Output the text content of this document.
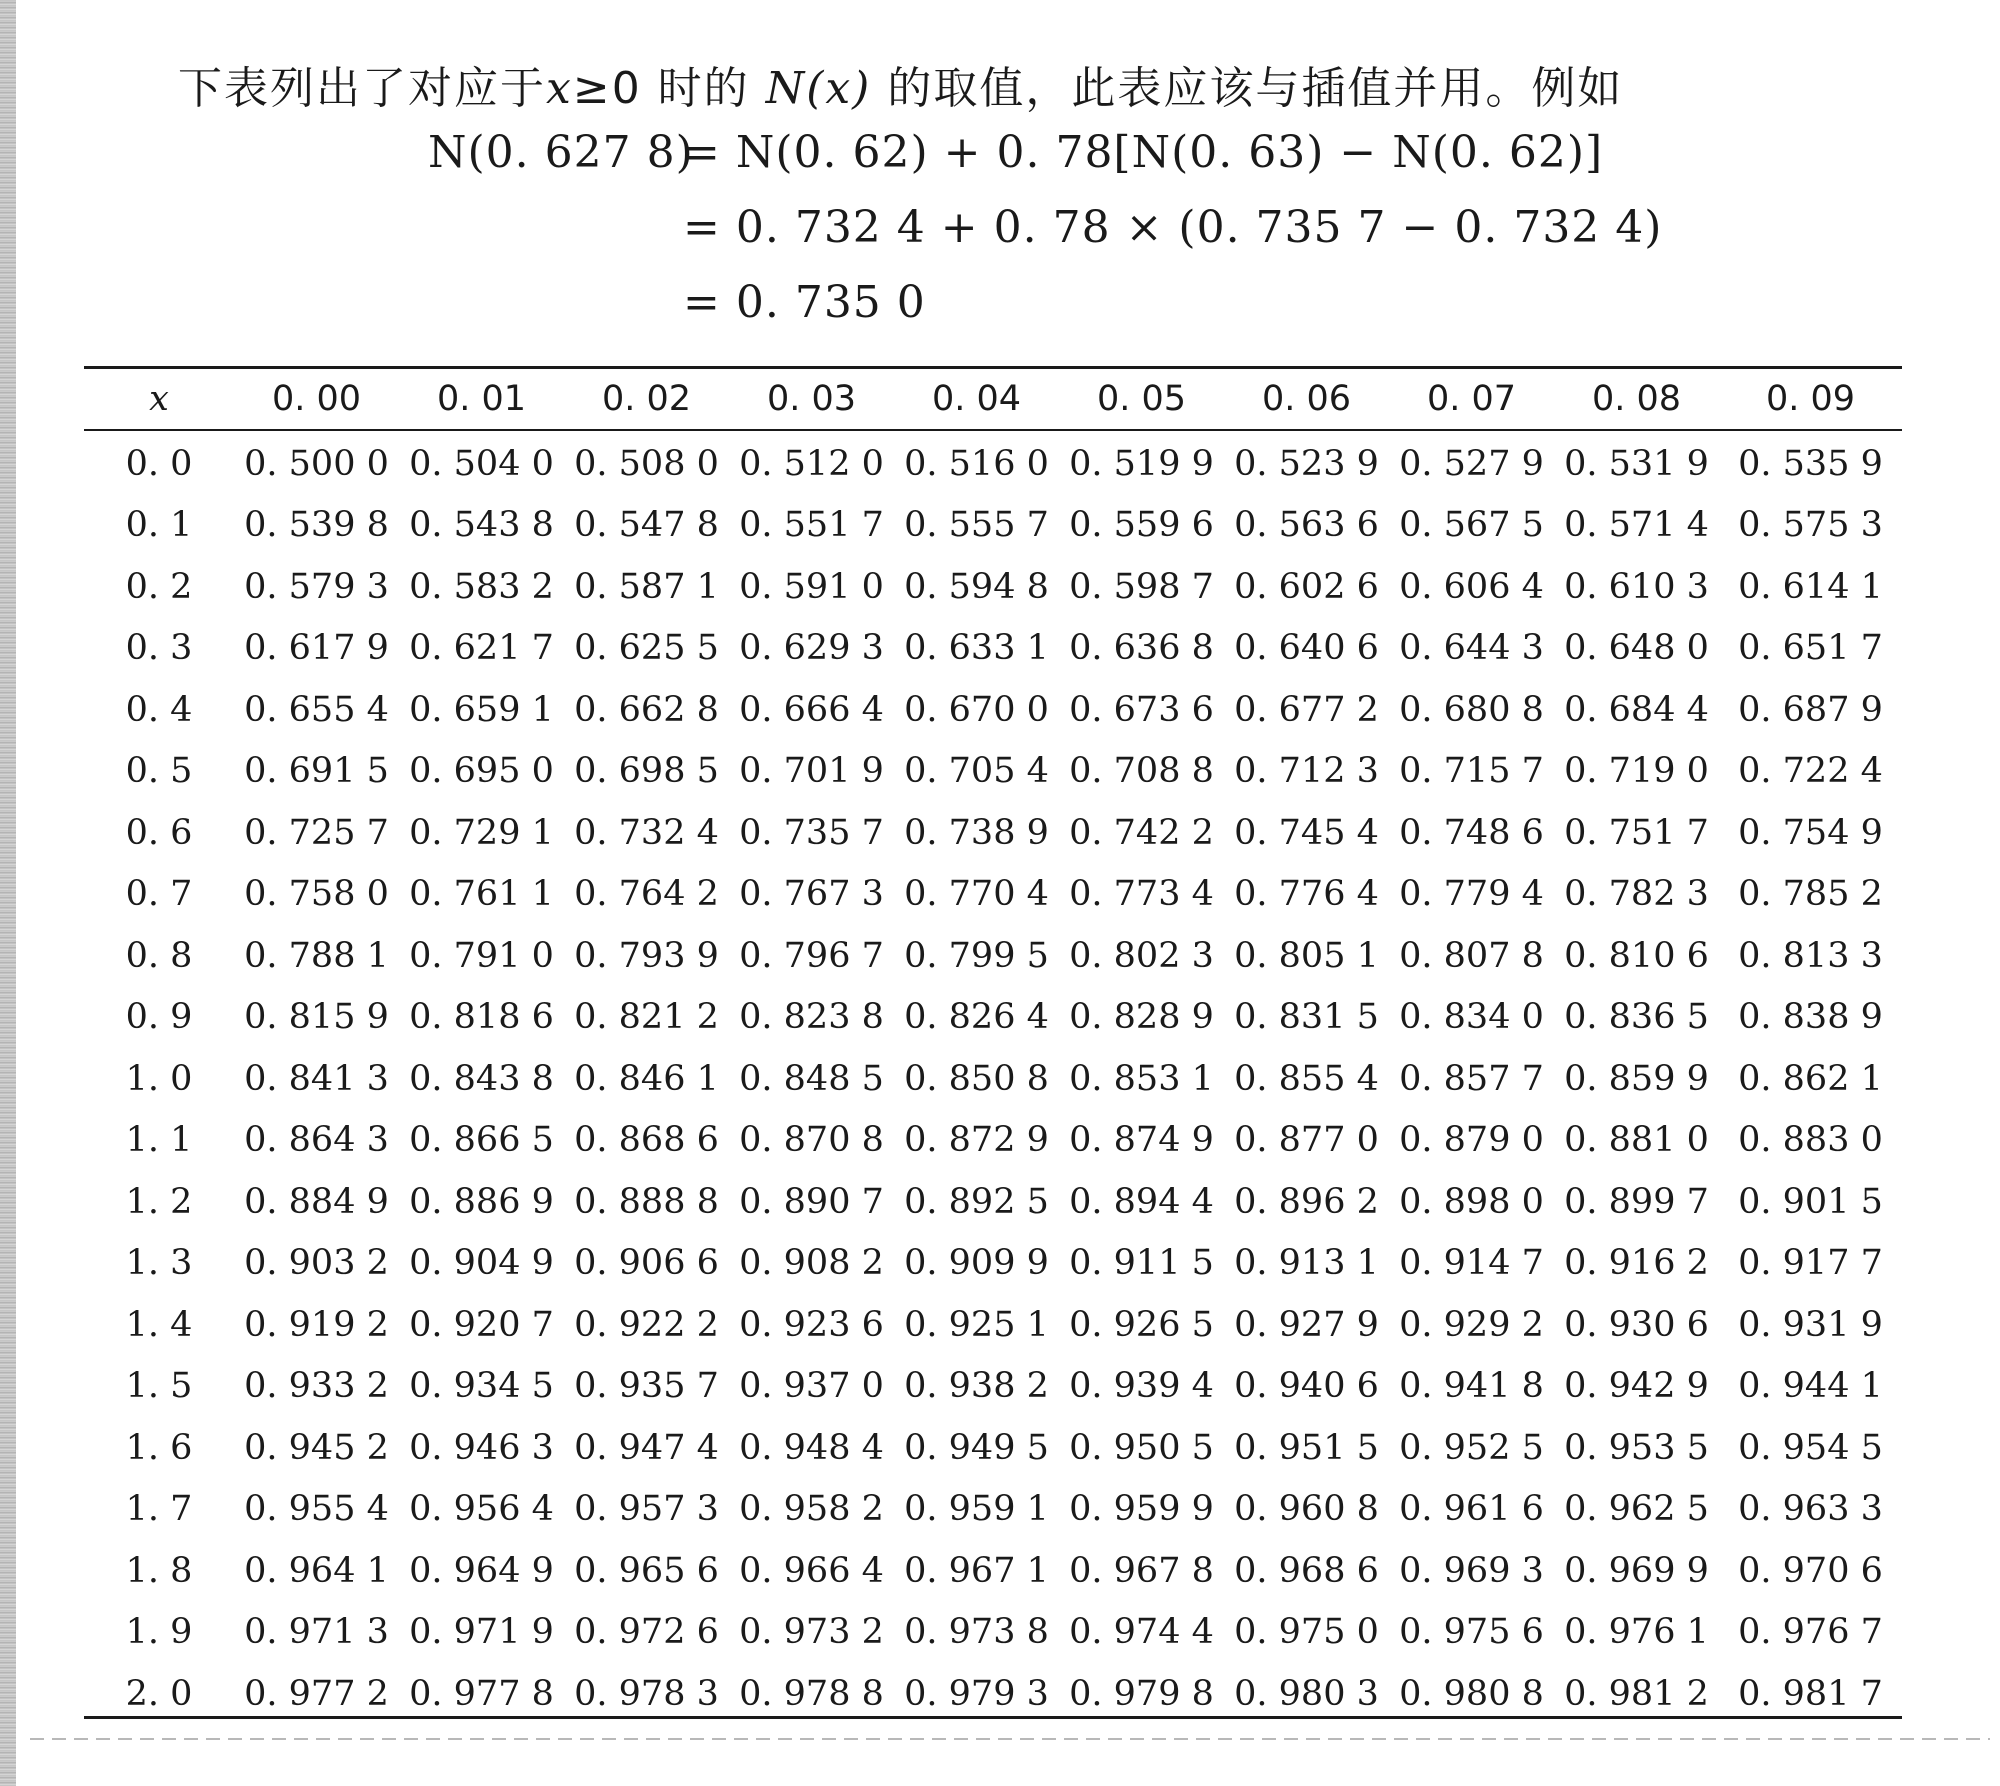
下表列出了对应于x≥0 时的 N(x) 的取值，此表应该与插值并用。例如
N(0. 627 8)
= N(0. 62) + 0. 78[N(0. 63) − N(0. 62)]
= 0. 732 4 + 0. 78 × (0. 735 7 − 0. 732 4)
= 0. 735 0
x	0. 00	0. 01	0. 02	0. 03	0. 04	0. 05	0. 06	0. 07	0. 08	0. 09
0. 0	0. 500 0	0. 504 0	0. 508 0	0. 512 0	0. 516 0	0. 519 9	0. 523 9	0. 527 9	0. 531 9	0. 535 9
0. 1	0. 539 8	0. 543 8	0. 547 8	0. 551 7	0. 555 7	0. 559 6	0. 563 6	0. 567 5	0. 571 4	0. 575 3
0. 2	0. 579 3	0. 583 2	0. 587 1	0. 591 0	0. 594 8	0. 598 7	0. 602 6	0. 606 4	0. 610 3	0. 614 1
0. 3	0. 617 9	0. 621 7	0. 625 5	0. 629 3	0. 633 1	0. 636 8	0. 640 6	0. 644 3	0. 648 0	0. 651 7
0. 4	0. 655 4	0. 659 1	0. 662 8	0. 666 4	0. 670 0	0. 673 6	0. 677 2	0. 680 8	0. 684 4	0. 687 9
0. 5	0. 691 5	0. 695 0	0. 698 5	0. 701 9	0. 705 4	0. 708 8	0. 712 3	0. 715 7	0. 719 0	0. 722 4
0. 6	0. 725 7	0. 729 1	0. 732 4	0. 735 7	0. 738 9	0. 742 2	0. 745 4	0. 748 6	0. 751 7	0. 754 9
0. 7	0. 758 0	0. 761 1	0. 764 2	0. 767 3	0. 770 4	0. 773 4	0. 776 4	0. 779 4	0. 782 3	0. 785 2
0. 8	0. 788 1	0. 791 0	0. 793 9	0. 796 7	0. 799 5	0. 802 3	0. 805 1	0. 807 8	0. 810 6	0. 813 3
0. 9	0. 815 9	0. 818 6	0. 821 2	0. 823 8	0. 826 4	0. 828 9	0. 831 5	0. 834 0	0. 836 5	0. 838 9
1. 0	0. 841 3	0. 843 8	0. 846 1	0. 848 5	0. 850 8	0. 853 1	0. 855 4	0. 857 7	0. 859 9	0. 862 1
1. 1	0. 864 3	0. 866 5	0. 868 6	0. 870 8	0. 872 9	0. 874 9	0. 877 0	0. 879 0	0. 881 0	0. 883 0
1. 2	0. 884 9	0. 886 9	0. 888 8	0. 890 7	0. 892 5	0. 894 4	0. 896 2	0. 898 0	0. 899 7	0. 901 5
1. 3	0. 903 2	0. 904 9	0. 906 6	0. 908 2	0. 909 9	0. 911 5	0. 913 1	0. 914 7	0. 916 2	0. 917 7
1. 4	0. 919 2	0. 920 7	0. 922 2	0. 923 6	0. 925 1	0. 926 5	0. 927 9	0. 929 2	0. 930 6	0. 931 9
1. 5	0. 933 2	0. 934 5	0. 935 7	0. 937 0	0. 938 2	0. 939 4	0. 940 6	0. 941 8	0. 942 9	0. 944 1
1. 6	0. 945 2	0. 946 3	0. 947 4	0. 948 4	0. 949 5	0. 950 5	0. 951 5	0. 952 5	0. 953 5	0. 954 5
1. 7	0. 955 4	0. 956 4	0. 957 3	0. 958 2	0. 959 1	0. 959 9	0. 960 8	0. 961 6	0. 962 5	0. 963 3
1. 8	0. 964 1	0. 964 9	0. 965 6	0. 966 4	0. 967 1	0. 967 8	0. 968 6	0. 969 3	0. 969 9	0. 970 6
1. 9	0. 971 3	0. 971 9	0. 972 6	0. 973 2	0. 973 8	0. 974 4	0. 975 0	0. 975 6	0. 976 1	0. 976 7
2. 0	0. 977 2	0. 977 8	0. 978 3	0. 978 8	0. 979 3	0. 979 8	0. 980 3	0. 980 8	0. 981 2	0. 981 7
